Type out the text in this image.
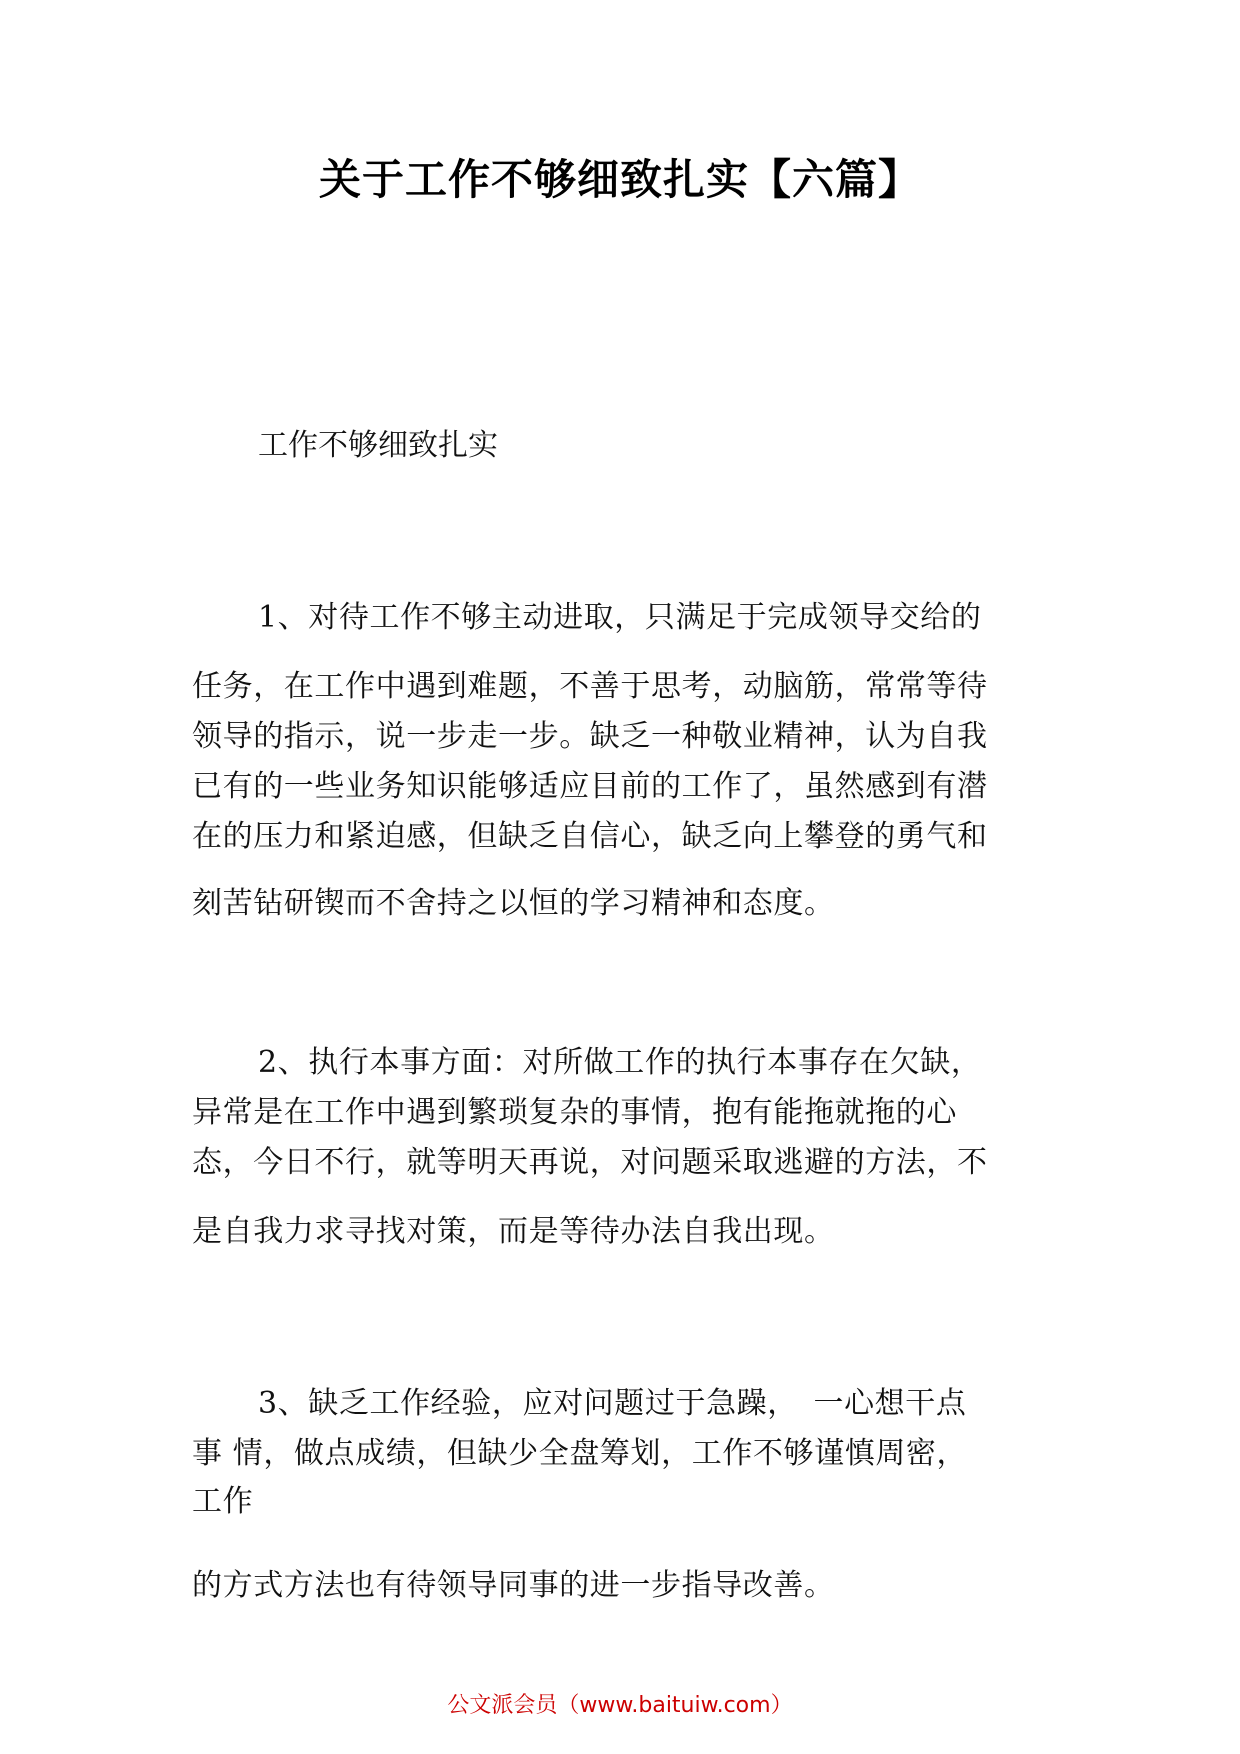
关于工作不够细致扎实【六篇】
工作不够细致扎实
1、对待工作不够主动进取，只满足于完成领导交给的
任务，在工作中遇到难题，不善于思考，动脑筋，常常等待
领导的指示，说一步走一步。缺乏一种敬业精神，认为自我
已有的一些业务知识能够适应目前的工作了，虽然感到有潜
在的压力和紧迫感，但缺乏自信心，缺乏向上攀登的勇气和
刻苦钻研锲而不舍持之以恒的学习精神和态度。
2、执行本事方面：对所做工作的执行本事存在欠缺，
异常是在工作中遇到繁琐复杂的事情，抱有能拖就拖的心
态，今日不行，就等明天再说，对问题采取逃避的方法，不
是自我力求寻找对策，而是等待办法自我出现。
3、缺乏工作经验，应对问题过于急躁，　一心想干点
事 情，做点成绩，但缺少全盘筹划，工作不够谨慎周密，
工作
的方式方法也有待领导同事的进一步指导改善。
公文派会员（www.baituiw.com）
